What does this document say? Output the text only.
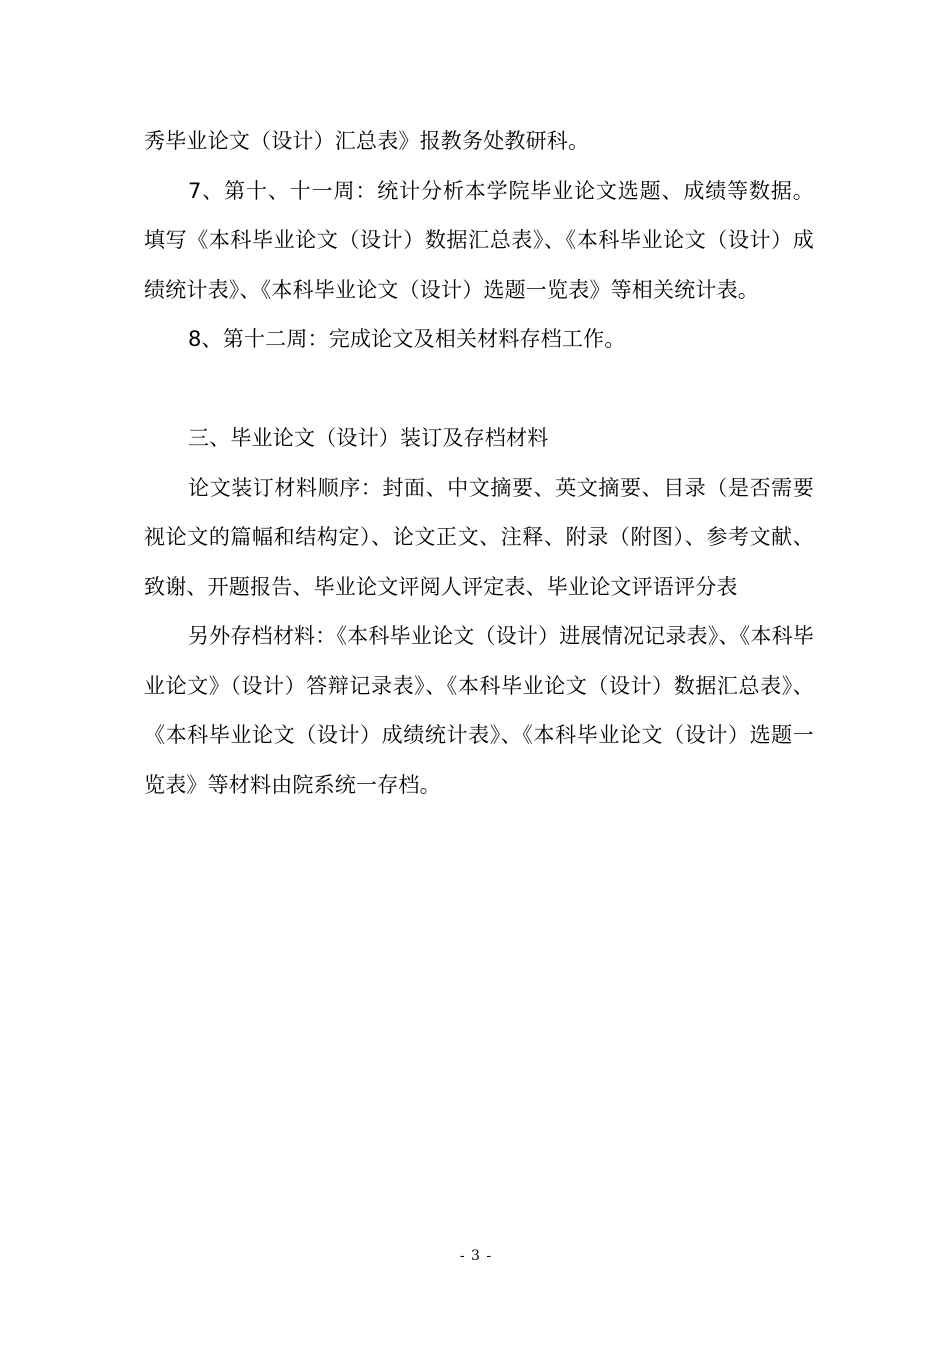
秀毕业论文（设计）汇总表》报教务处教研科。

7、第十、十一周：统计分析本学院毕业论文选题、成绩等数据。填写《本科毕业论文（设计）数据汇总表》、《本科毕业论文（设计）成绩统计表》、《本科毕业论文（设计）选题一览表》等相关统计表。

8、第十二周：完成论文及相关材料存档工作。

三、毕业论文（设计）装订及存档材料

论文装订材料顺序：封面、中文摘要、英文摘要、目录（是否需要视论文的篇幅和结构定）、论文正文、注释、附录（附图）、参考文献、致谢、开题报告、毕业论文评阅人评定表、毕业论文评语评分表

另外存档材料：《本科毕业论文（设计）进展情况记录表》、《本科毕业论文》（设计）答辩记录表》、《本科毕业论文（设计）数据汇总表》、《本科毕业论文（设计）成绩统计表》、《本科毕业论文（设计）选题一览表》等材料由院系统一存档。

- 3 -
